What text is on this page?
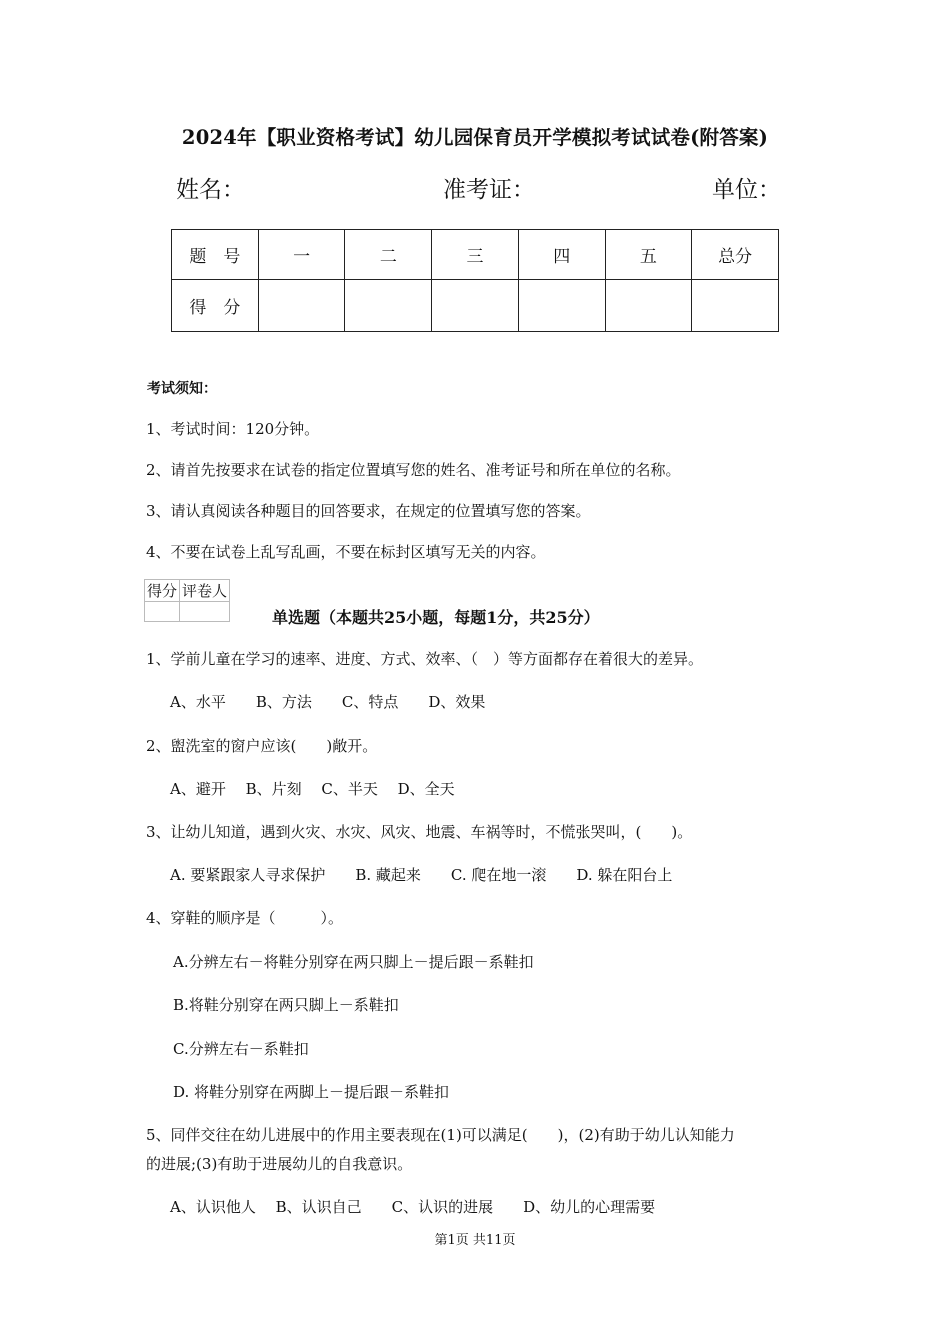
2024年【职业资格考试】幼儿园保育员开学模拟考试试卷(附答案)
姓名：	准考证：	单位：
题　号	一	二	三	四	五	总分
得　分						
考试须知：
1、考试时间：120分钟。
2、请首先按要求在试卷的指定位置填写您的姓名、准考证号和所在单位的名称。
3、请认真阅读各种题目的回答要求，在规定的位置填写您的答案。
4、不要在试卷上乱写乱画，不要在标封区填写无关的内容。
得分	评卷人

单选题（本题共25小题，每题1分，共25分）
1、学前儿童在学习的速率、进度、方式、效率、（　）等方面都存在着很大的差异。
A、水平　　B、方法　　C、特点　　D、效果
2、盥洗室的窗户应该(　　)敞开。
A、避开　 B、片刻　 C、半天　 D、全天
3、让幼儿知道，遇到火灾、水灾、风灾、地震、车祸等时，不慌张哭叫，(　　)。
A. 要紧跟家人寻求保护　　B. 藏起来　　C. 爬在地一滚　　D. 躲在阳台上
4、穿鞋的顺序是（　　　）。
A.分辨左右－将鞋分别穿在两只脚上－提后跟－系鞋扣
B.将鞋分别穿在两只脚上－系鞋扣
C.分辨左右－系鞋扣
D. 将鞋分别穿在两脚上－提后跟－系鞋扣
5、同伴交往在幼儿进展中的作用主要表现在(1)可以满足(　　)，(2)有助于幼儿认知能力
的进展;(3)有助于进展幼儿的自我意识。
A、认识他人　 B、认识自己　　C、认识的进展　　D、幼儿的心理需要
第1页 共11页
